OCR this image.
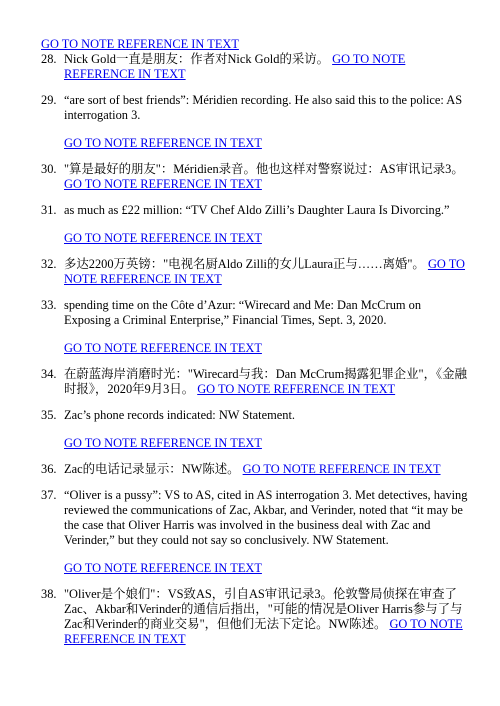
GO TO NOTE REFERENCE IN TEXT
28. Nick Gold一直是朋友：作者对Nick Gold的采访。 GO TO NOTE REFERENCE IN TEXT
29. “are sort of best friends”: Méridien recording. He also said this to the police: AS interrogation 3.
GO TO NOTE REFERENCE IN TEXT
30. "算是最好的朋友"：Méridien录音。他也这样对警察说过：AS审讯记录3。 GO TO NOTE REFERENCE IN TEXT
31. as much as £22 million: “TV Chef Aldo Zilli’s Daughter Laura Is Divorcing.”
GO TO NOTE REFERENCE IN TEXT
32. 多达2200万英镑："电视名厨Aldo Zilli的女儿Laura正与……离婚"。 GO TO NOTE REFERENCE IN TEXT
33. spending time on the Côte d’Azur: “Wirecard and Me: Dan McCrum on Exposing a Criminal Enterprise,” Financial Times, Sept. 3, 2020.
GO TO NOTE REFERENCE IN TEXT
34. 在蔚蓝海岸消磨时光："Wirecard与我：Dan McCrum揭露犯罪企业"，《金融时报》，2020年9月3日。 GO TO NOTE REFERENCE IN TEXT
35. Zac’s phone records indicated: NW Statement.
GO TO NOTE REFERENCE IN TEXT
36. Zac的电话记录显示：NW陈述。 GO TO NOTE REFERENCE IN TEXT
37. “Oliver is a pussy”: VS to AS, cited in AS interrogation 3. Met detectives, having reviewed the communications of Zac, Akbar, and Verinder, noted that “it may be the case that Oliver Harris was involved in the business deal with Zac and Verinder,” but they could not say so conclusively. NW Statement.
GO TO NOTE REFERENCE IN TEXT
38. "Oliver是个娘们"：VS致AS，引自AS审讯记录3。伦敦警局侦探在审查了Zac、Akbar和Verinder的通信后指出，"可能的情况是Oliver Harris参与了与Zac和Verinder的商业交易"，但他们无法下定论。NW陈述。 GO TO NOTE REFERENCE IN TEXT
